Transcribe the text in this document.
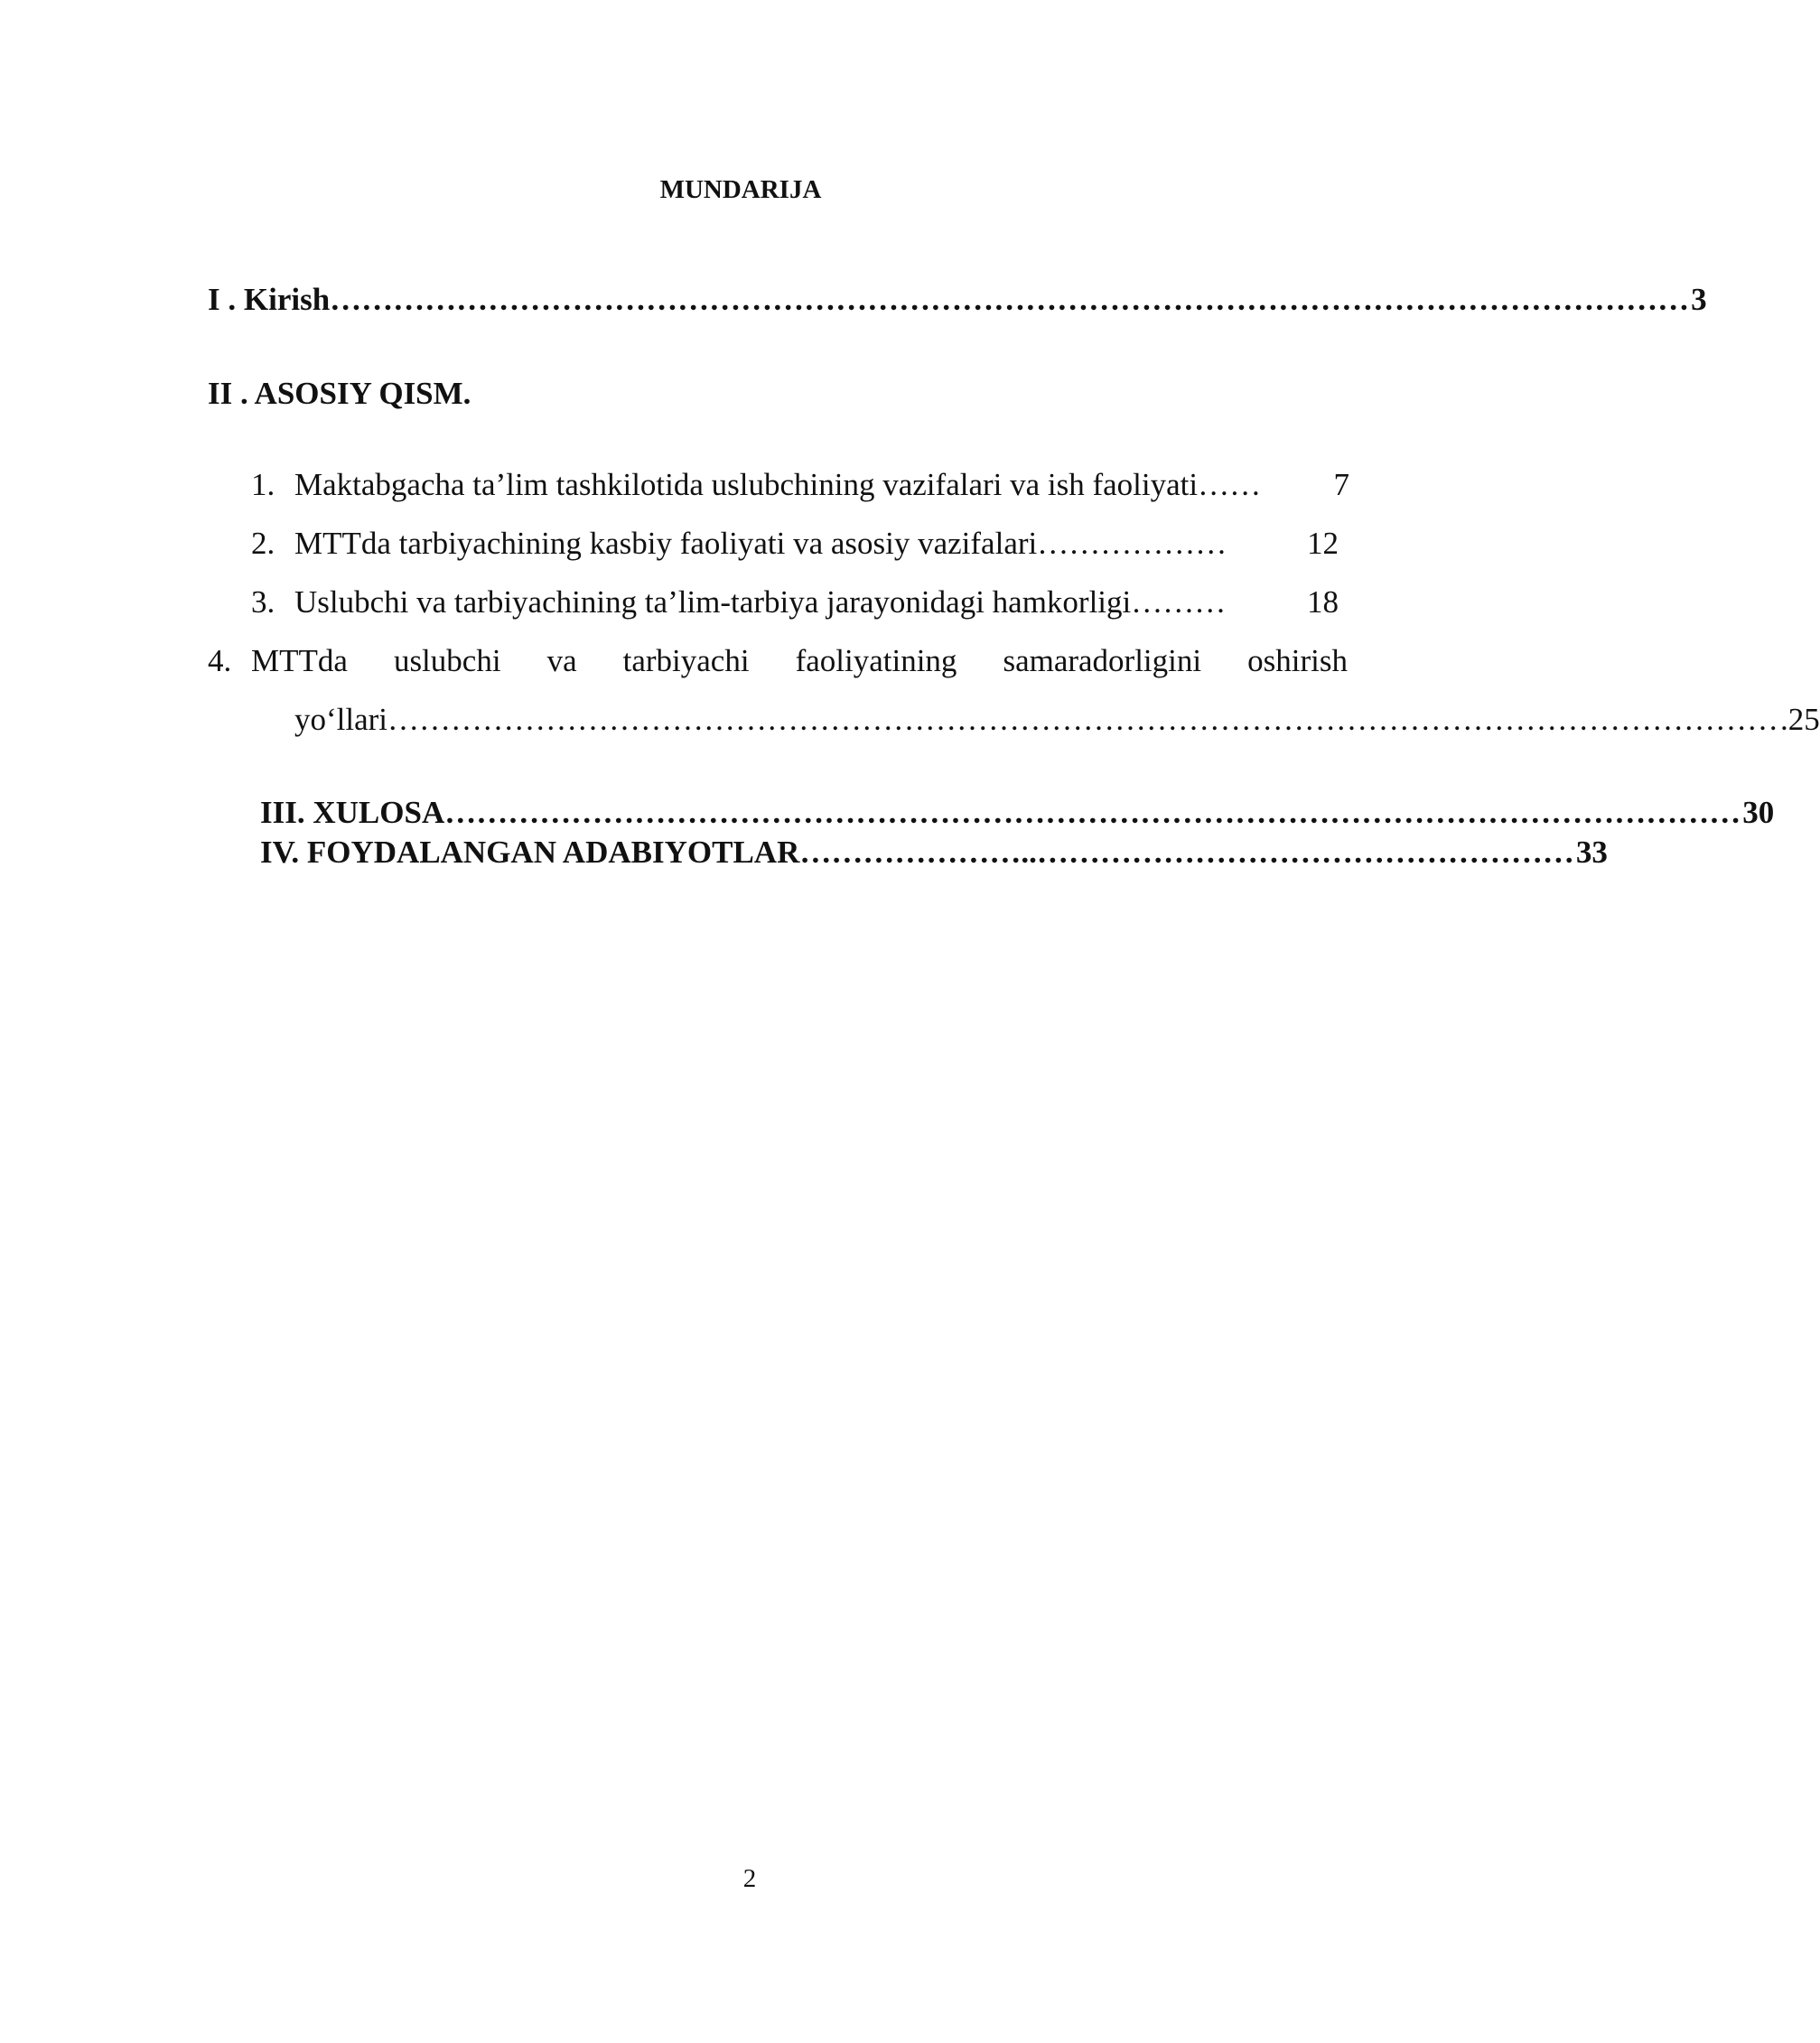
MUNDARIJA
I . Kirish ………………………………………………………………………………………………………………… 3
II . ASOSIY QISM.
1. Maktabgacha ta’lim tashkilotida uslubchining vazifalari va ish faoliyati ……	7
2. MTTda tarbiyachining kasbiy faoliyati va asosiy vazifalari ………………	12
3. Uslubchi va tarbiyachining ta’lim-tarbiya jarayonidagi hamkorligi ………	18
4. MTTda uslubchi va tarbiyachi faoliyatining samaradorligini oshirish
yo‘llari …………………………………………………………………………………………………………………… .25
III. XULOSA …………………………………………………………………………………………………………… 30
IV. FOYDALANGAN ADABIYOTLAR …………………..…………………………………………… 33
2
